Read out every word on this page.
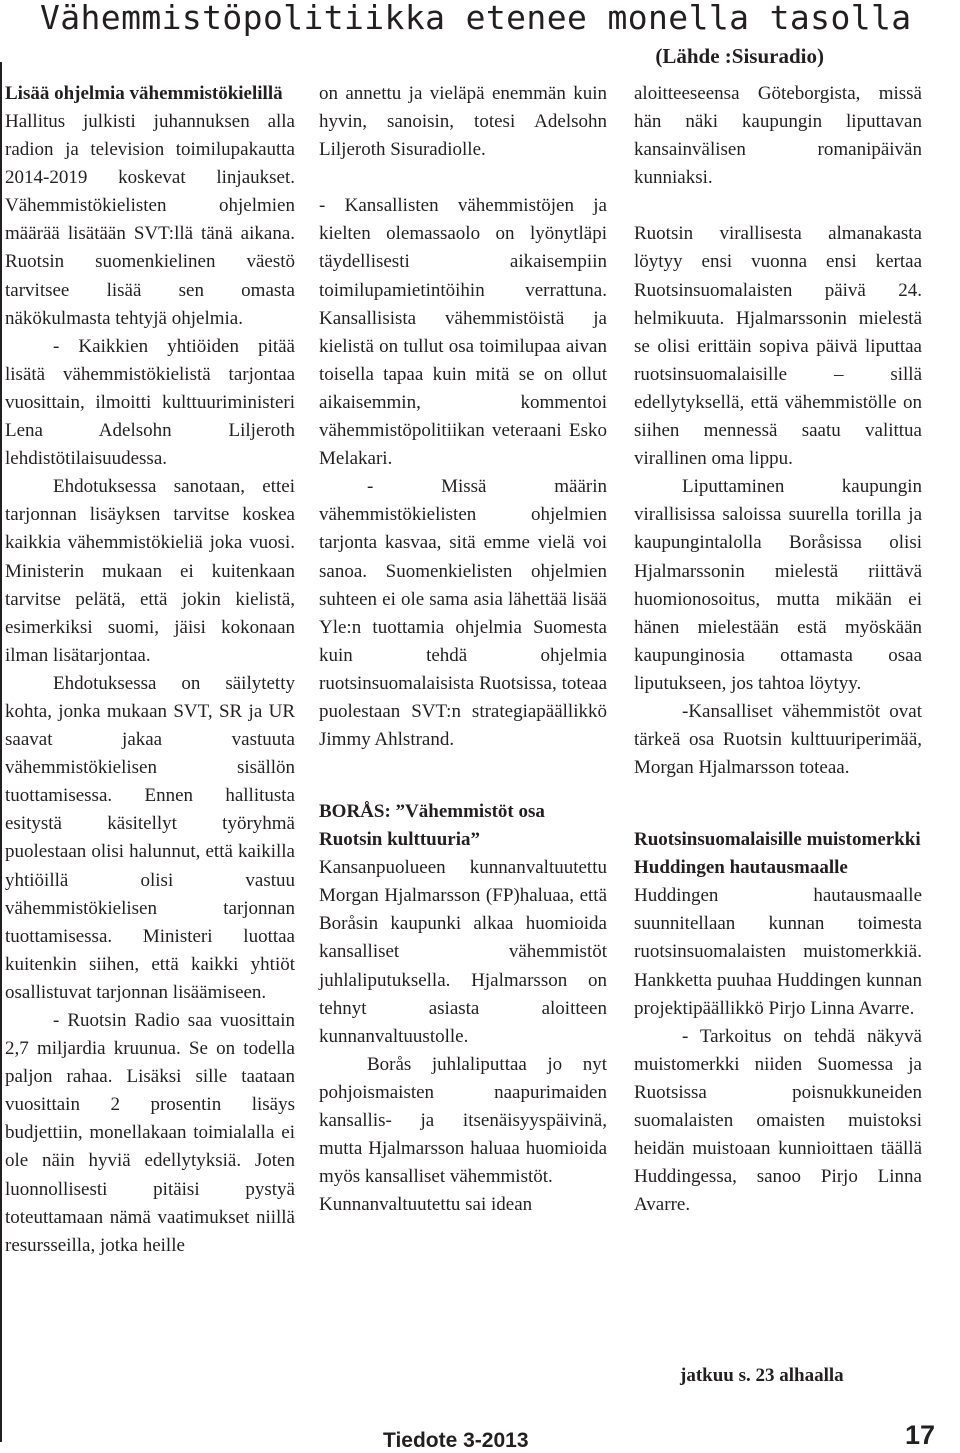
Vähemmistöpolitiikka etenee monella tasolla
(Lähde :Sisuradio)
Lisää ohjelmia vähemmistökielillä

Hallitus julkisti juhannuksen alla radion ja television toimilupakautta 2014-2019 koskevat linjaukset. Vähemmistökielisten ohjelmien määrää lisätään SVT:llä tänä aikana. Ruotsin suomenkielinen väestö tarvitsee lisää sen omasta näkökulmasta tehtyjä ohjelmia.

- Kaikkien yhtiöiden pitää lisätä vähemmistökielistä tarjontaa vuosittain, ilmoitti kulttuuriministeri Lena Adelsohn Liljeroth lehdistötilaisuudessa.

Ehdotuksessa sanotaan, ettei tarjonnan lisäyksen tarvitse koskea kaikkia vähemmistökieliä joka vuosi. Ministerin mukaan ei kuitenkaan tarvitse pelätä, että jokin kielistä, esimerkiksi suomi, jäisi kokonaan ilman lisätarjontaa.

Ehdotuksessa on säilytetty kohta, jonka mukaan SVT, SR ja UR saavat jakaa vastuuta vähemmistökielisen sisällön tuottamisessa. Ennen hallitusta esitystä käsitellyt työryhmä puolestaan olisi halunnut, että kaikilla yhtiöillä olisi vastuu vähemmistökielisen tarjonnan tuottamisessa. Ministeri luottaa kuitenkin siihen, että kaikki yhtiöt osallistuvat tarjonnan lisäämiseen.

- Ruotsin Radio saa vuosittain 2,7 miljardia kruunua. Se on todella paljon rahaa. Lisäksi sille taataan vuosittain 2 prosentin lisäys budjettiin, monellakaan toimialalla ei ole näin hyviä edellytyksiä. Joten luonnollisesti pitäisi pystyä toteuttamaan nämä vaatimukset niillä resursseilla, jotka heille

on annettu ja vieläpä enemmän kuin hyvin, sanoisin, totesi Adelsohn Liljeroth Sisuradiolle.

- Kansallisten vähemmistöjen ja kielten olemassaolo on lyönytläpi täydellisesti aikaisempiin toimilupamietintöihin verrattuna. Kansallisista vähemmistöistä ja kielistä on tullut osa toimilupaa aivan toisella tapaa kuin mitä se on ollut aikaisemmin, kommentoi vähemmistöpolitiikan veteraani Esko Melakari.

- Missä määrin vähemmistökielisten ohjelmien tarjonta kasvaa, sitä emme vielä voi sanoa. Suomenkielisten ohjelmien suhteen ei ole sama asia lähettää lisää Yle:n tuottamia ohjelmia Suomesta kuin tehdä ohjelmia ruotsinsuomalaisista Ruotsissa, toteaa puolestaan SVT:n strategiapäällikkö Jimmy Ahlstrand.

BORÅS: ”Vähemmistöt osa Ruotsin kulttuuria”

Kansanpuolueen kunnanvaltuutettu Morgan Hjalmarsson (FP)haluaa, että Boråsin kaupunki alkaa huomioida kansalliset vähemmistöt juhlaliputuksella. Hjalmarsson on tehnyt asiasta aloitteen kunnanvaltuustolle.

Borås juhlaliputtaa jo nyt pohjoismaisten naapurimaiden kansallis- ja itsenäisyyspäivinä, mutta Hjalmarsson haluaa huomioida myös kansalliset vähemmistöt.

Kunnanvaltuutettu sai idean

aloitteeseensa Göteborgista, missä hän näki kaupungin liputtavan kansainvälisen romanipäivän kunniaksi.

Ruotsin virallisesta almanakasta löytyy ensi vuonna ensi kertaa Ruotsinsuomalaisten päivä 24. helmikuuta. Hjalmarssonin mielestä se olisi erittäin sopiva päivä liputtaa ruotsinsuomalaisille – sillä edellytyksellä, että vähemmistölle on siihen mennessä saatu valittua virallinen oma lippu.

Liputtaminen kaupungin virallisissa saloissa suurella torilla ja kaupungintalolla Boråsissa olisi Hjalmarssonin mielestä riittävä huomionosoitus, mutta mikään ei hänen mielestään estä myöskään kaupunginosia ottamasta osaa liputukseen, jos tahtoa löytyy.

-Kansalliset vähemmistöt ovat tärkeä osa Ruotsin kulttuuriperimää, Morgan Hjalmarsson toteaa.

Ruotsinsuomalaisille muistomerkki Huddingen hautausmaalle

Huddingen hautausmaalle suunnitellaan kunnan toimesta ruotsinsuomalaisten muistomerkkiä. Hankketta puuhaa Huddingen kunnan projektipäällikkö Pirjo Linna Avarre.

- Tarkoitus on tehdä näkyvä muistomerkki niiden Suomessa ja Ruotsissa poisnukkuneiden suomalaisten omaisten muistoksi heidän muistoaan kunnioittaen täällä Huddingessa, sanoo Pirjo Linna Avarre.

jatkuu s. 23 alhaalla
Tiedote 3-2013	17
